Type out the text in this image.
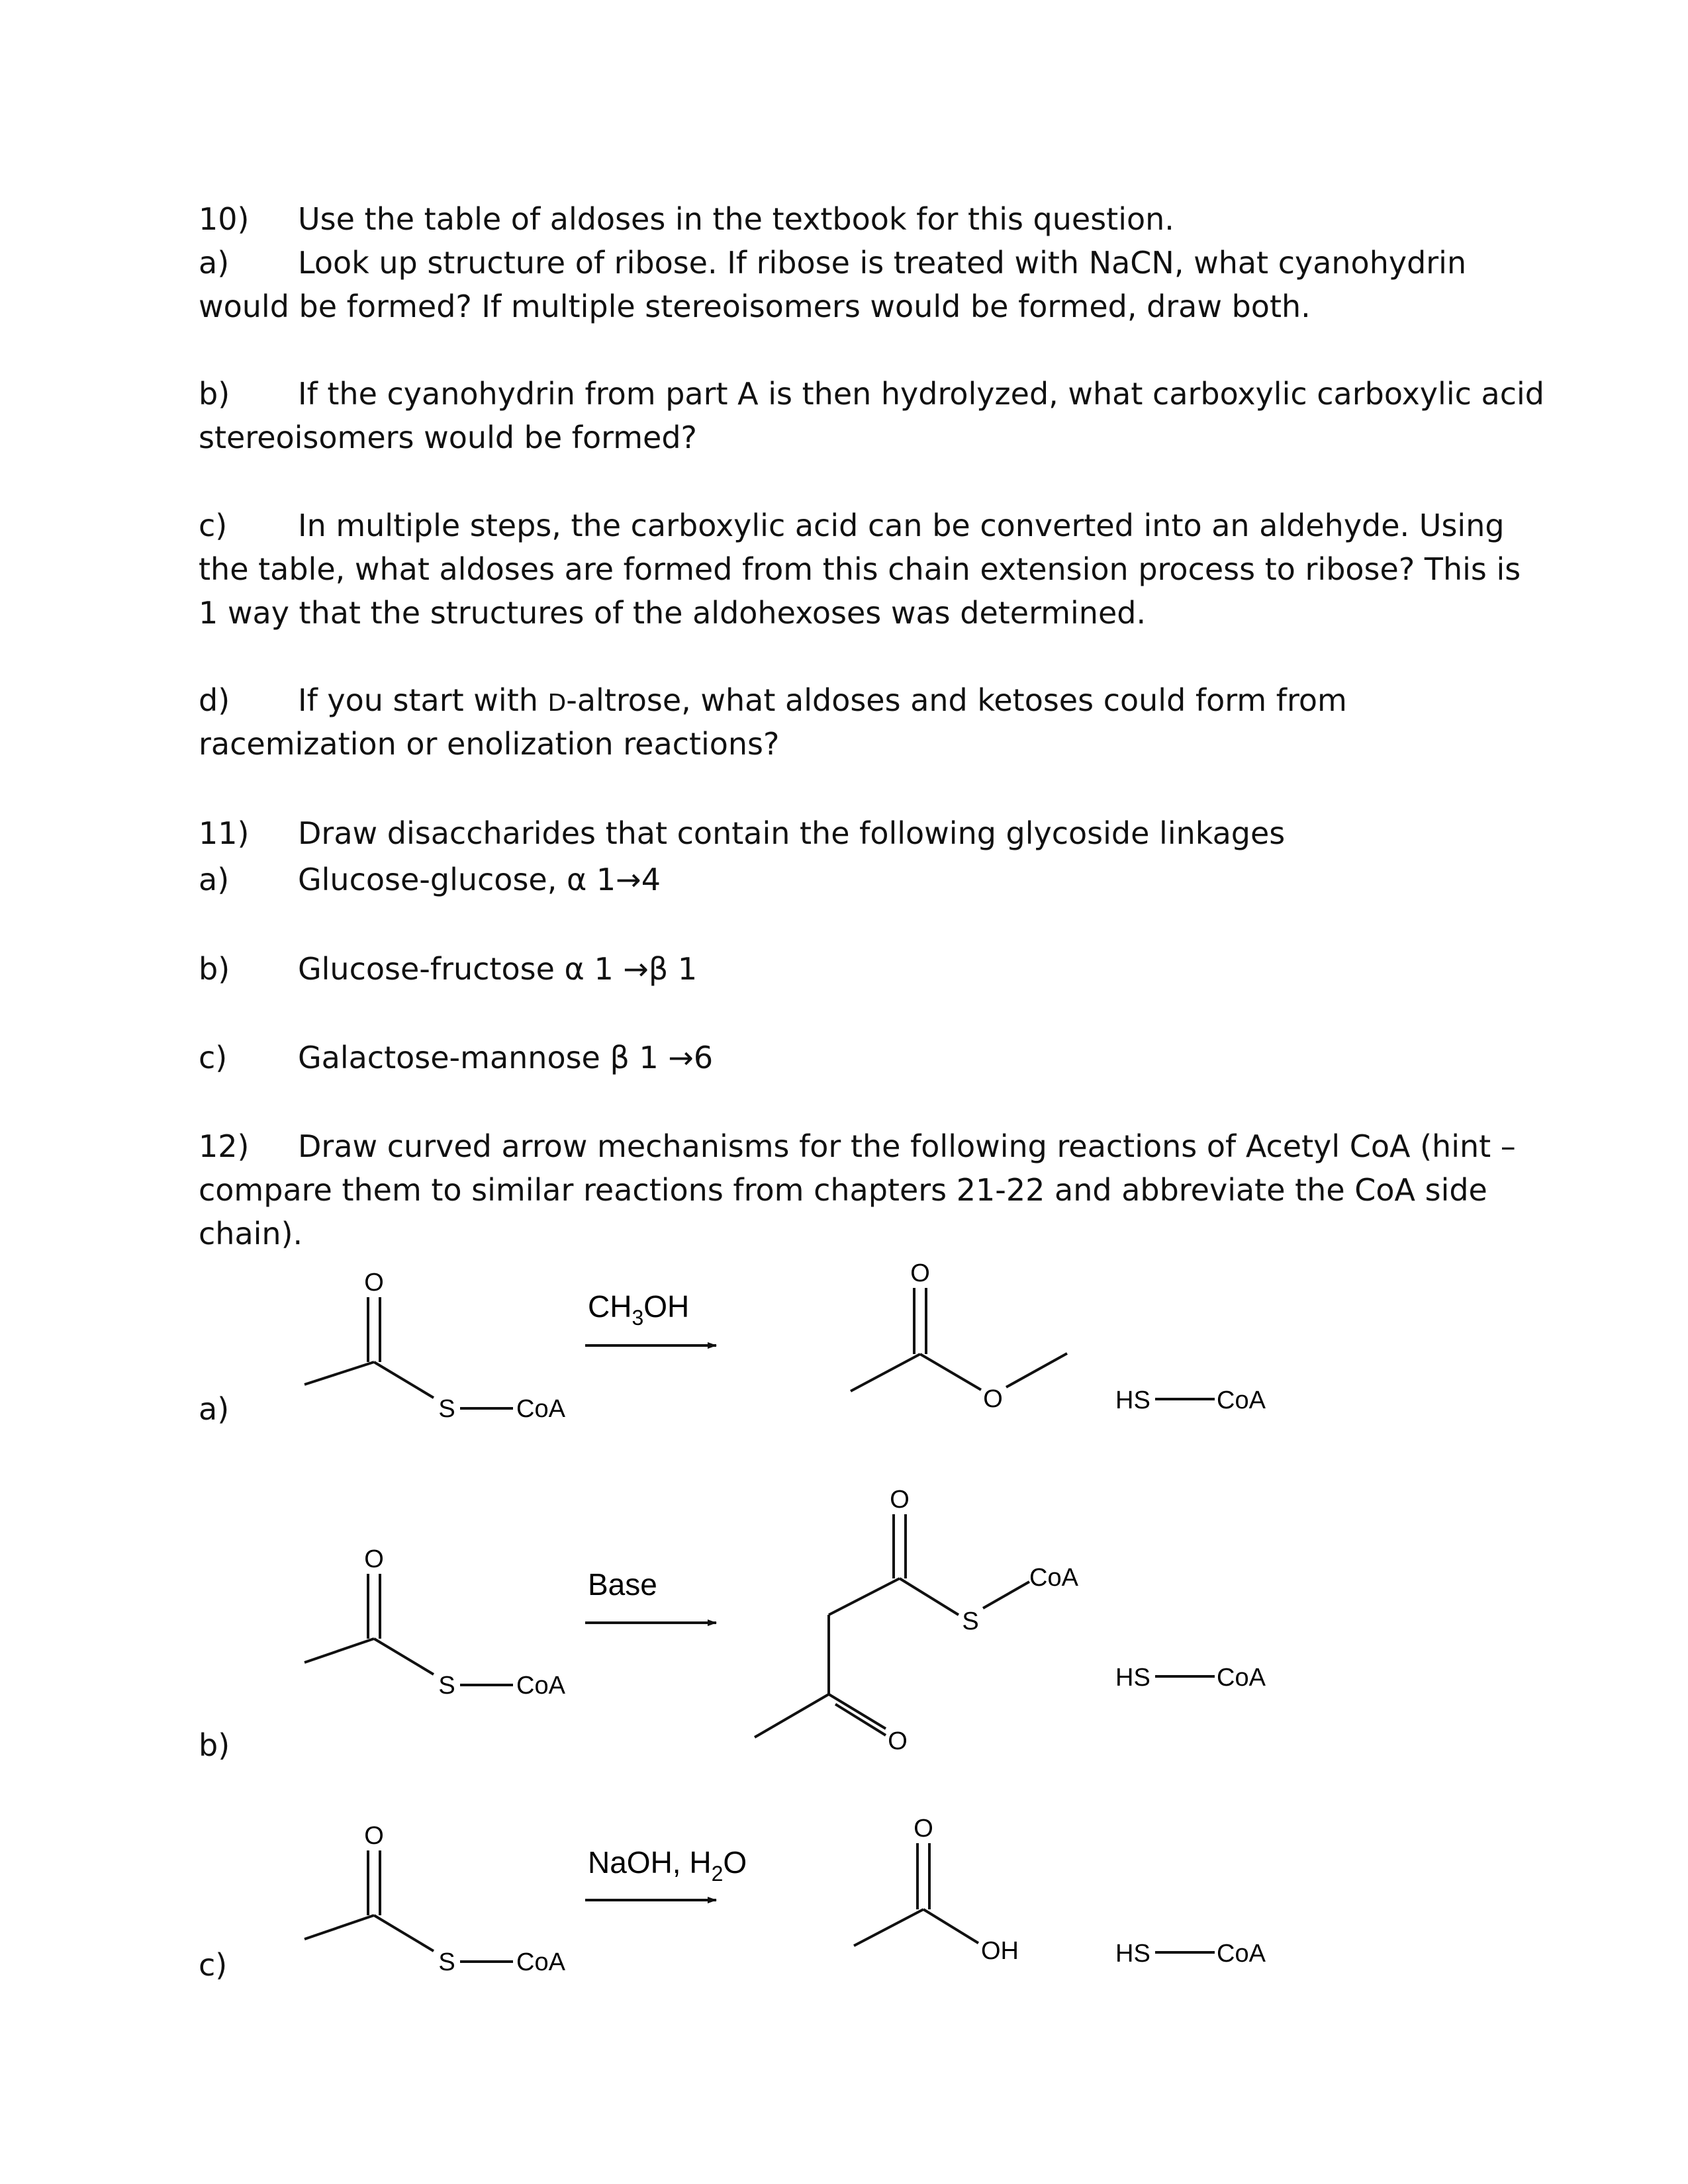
10) Use the table of aldoses in the textbook for this question.
a) Look up structure of ribose. If ribose is treated with NaCN, what cyanohydrin
would be formed? If multiple stereoisomers would be formed, draw both.
b) If the cyanohydrin from part A is then hydrolyzed, what carboxylic carboxylic acid
stereoisomers would be formed?
c) In multiple steps, the carboxylic acid can be converted into an aldehyde. Using
the table, what aldoses are formed from this chain extension process to ribose? This is
1 way that the structures of the aldohexoses was determined.
d) If you start with D-altrose, what aldoses and ketoses could form from
racemization or enolization reactions?
11) Draw disaccharides that contain the following glycoside linkages
a) Glucose-glucose, α 1→4
b) Glucose-fructose α 1 →β 1
c) Galactose-mannose β 1 →6
12) Draw curved arrow mechanisms for the following reactions of Acetyl CoA (hint –
compare them to similar reactions from chapters 21-22 and abbreviate the CoA side
chain).
a)
b)
c)
O
S CoA
$CH_3OH$
O
O	HS	CoA
O
S CoA
Base
O
S
CoA
O
HS	CoA
O
S CoA
NaOH, $H_2O$
O
OH	HS	CoA
